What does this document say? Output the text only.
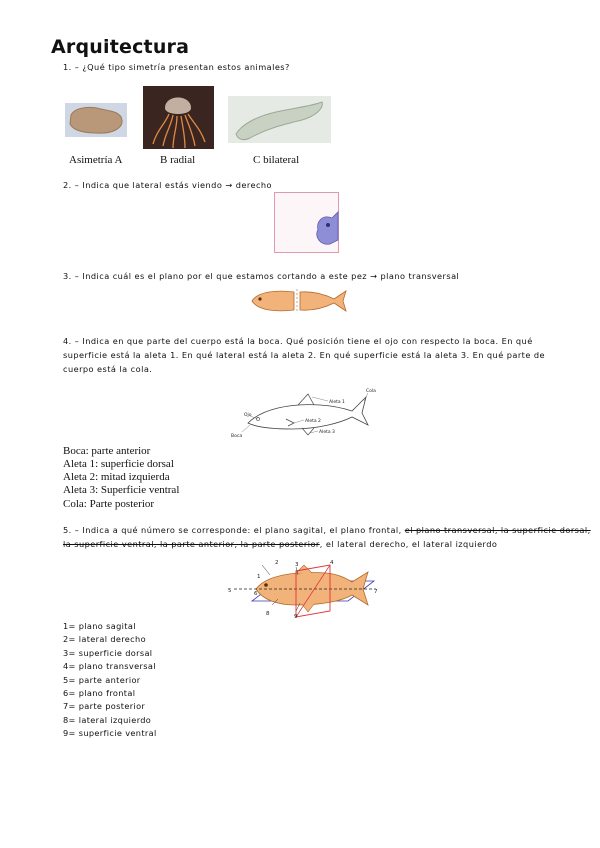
Arquitectura
1. – ¿Qué tipo simetría presentan estos animales?
Asimetría A	B radial	C bilateral
2. – Indica que lateral estás viendo → derecho
3. – Indica cuál es el plano por el que estamos cortando a este pez → plano transversal
4. – Indica en que parte del cuerpo está la boca. Qué posición tiene el ojo con respecto la boca. En qué
superficie está la aleta 1. En qué lateral está la aleta 2. En qué superficie está la aleta 3. En qué parte de
cuerpo está la cola.
Ojo
Boca
Aleta 1
Aleta 2
Aleta 3
Cola
Boca: parte anterior
Aleta 1: superficie dorsal
Aleta 2: mitad izquierda
Aleta 3: Superficie ventral
Cola: Parte posterior
5. – Indica a qué número se corresponde: el plano sagital, el plano frontal, el plano transversal, la superficie dorsal,
la superficie ventral, la parte anterior, la parte posterior, el lateral derecho, el lateral izquierdo
1
2	3	4
5	6	7
8	9
1= plano sagital
2= lateral derecho
3= superficie dorsal
4= plano transversal
5= parte anterior
6= plano frontal
7= parte posterior
8= lateral izquierdo
9= superficie ventral
